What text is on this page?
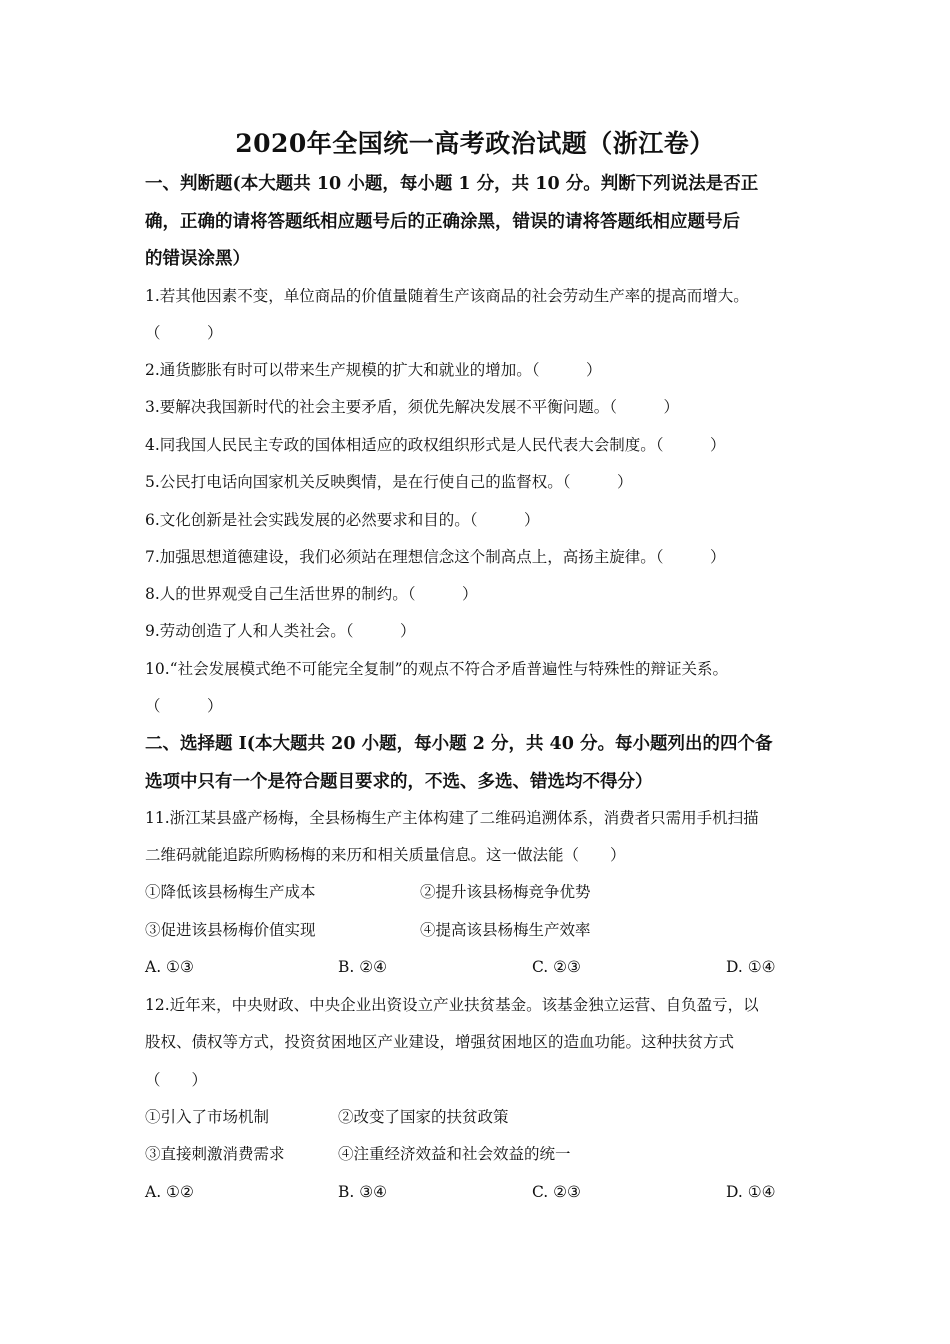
2020年全国统一高考政治试题（浙江卷）
一、判断题(本大题共 10 小题，每小题 1 分，共 10 分。判断下列说法是否正
确，正确的请将答题纸相应题号后的正确涂黑，错误的请将答题纸相应题号后
的错误涂黑）
1.若其他因素不变，单位商品的价值量随着生产该商品的社会劳动生产率的提高而增大。
（　　　）
2.通货膨胀有时可以带来生产规模的扩大和就业的增加。（　　　）
3.要解决我国新时代的社会主要矛盾，须优先解决发展不平衡问题。（　　　）
4.同我国人民民主专政的国体相适应的政权组织形式是人民代表大会制度。（　　　）
5.公民打电话向国家机关反映舆情，是在行使自己的监督权。（　　　）
6.文化创新是社会实践发展的必然要求和目的。（　　　）
7.加强思想道德建设，我们必须站在理想信念这个制高点上，高扬主旋律。（　　　）
8.人的世界观受自己生活世界的制约。（　　　）
9.劳动创造了人和人类社会。（　　　）
10.“社会发展模式绝不可能完全复制”的观点不符合矛盾普遍性与特殊性的辩证关系。
（　　　）
二、选择题 I(本大题共 20 小题，每小题 2 分，共 40 分。每小题列出的四个备
选项中只有一个是符合题目要求的，不选、多选、错选均不得分）
11.浙江某县盛产杨梅，全县杨梅生产主体构建了二维码追溯体系，消费者只需用手机扫描
二维码就能追踪所购杨梅的来历和相关质量信息。这一做法能（　　）
①降低该县杨梅生产成本	②提升该县杨梅竞争优势
③促进该县杨梅价值实现	④提高该县杨梅生产效率
A. ①③	B. ②④	C. ②③	D. ①④
12.近年来，中央财政、中央企业出资设立产业扶贫基金。该基金独立运营、自负盈亏，以
股权、债权等方式，投资贫困地区产业建设，增强贫困地区的造血功能。这种扶贫方式
（　　）
①引入了市场机制	②改变了国家的扶贫政策
③直接刺激消费需求	④注重经济效益和社会效益的统一
A. ①②	B. ③④	C. ②③	D. ①④
